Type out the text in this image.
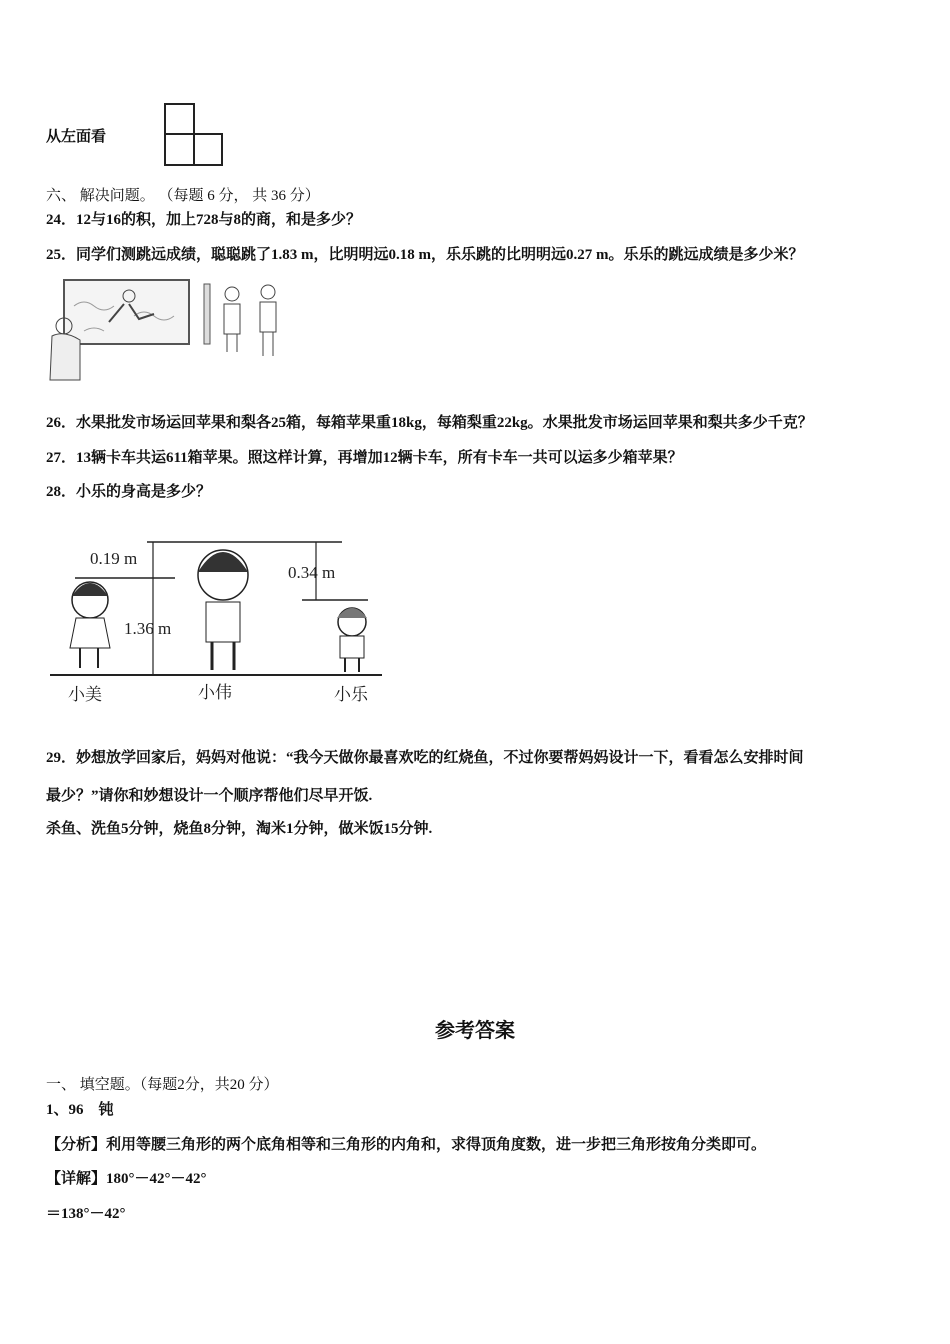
从左面看
六、 解决问题。 （每题 6 分， 共 36 分）
24．12与16的积，加上728与8的商，和是多少？
25．同学们测跳远成绩，聪聪跳了1.83 m，比明明远0.18 m，乐乐跳的比明明远0.27 m。乐乐的跳远成绩是多少米？
26．水果批发市场运回苹果和梨各25箱，每箱苹果重18kg，每箱梨重22kg。水果批发市场运回苹果和梨共多少千克？
27．13辆卡车共运611箱苹果。照这样计算，再增加12辆卡车，所有卡车一共可以运多少箱苹果？
28．小乐的身高是多少？
0.19 m
1.36 m
0.34 m
小美	小伟	小乐
29．妙想放学回家后，妈妈对他说：“我今天做你最喜欢吃的红烧鱼，不过你要帮妈妈设计一下，看看怎么安排时间
最少？”请你和妙想设计一个顺序帮他们尽早开饭.
杀鱼、洗鱼5分钟，烧鱼8分钟，淘米1分钟，做米饭15分钟.
参考答案
一、 填空题。（每题2分，共20 分）
1、96　钝
【分析】利用等腰三角形的两个底角相等和三角形的内角和，求得顶角度数，进一步把三角形按角分类即可。
【详解】180°－42°－42°
＝138°－42°
